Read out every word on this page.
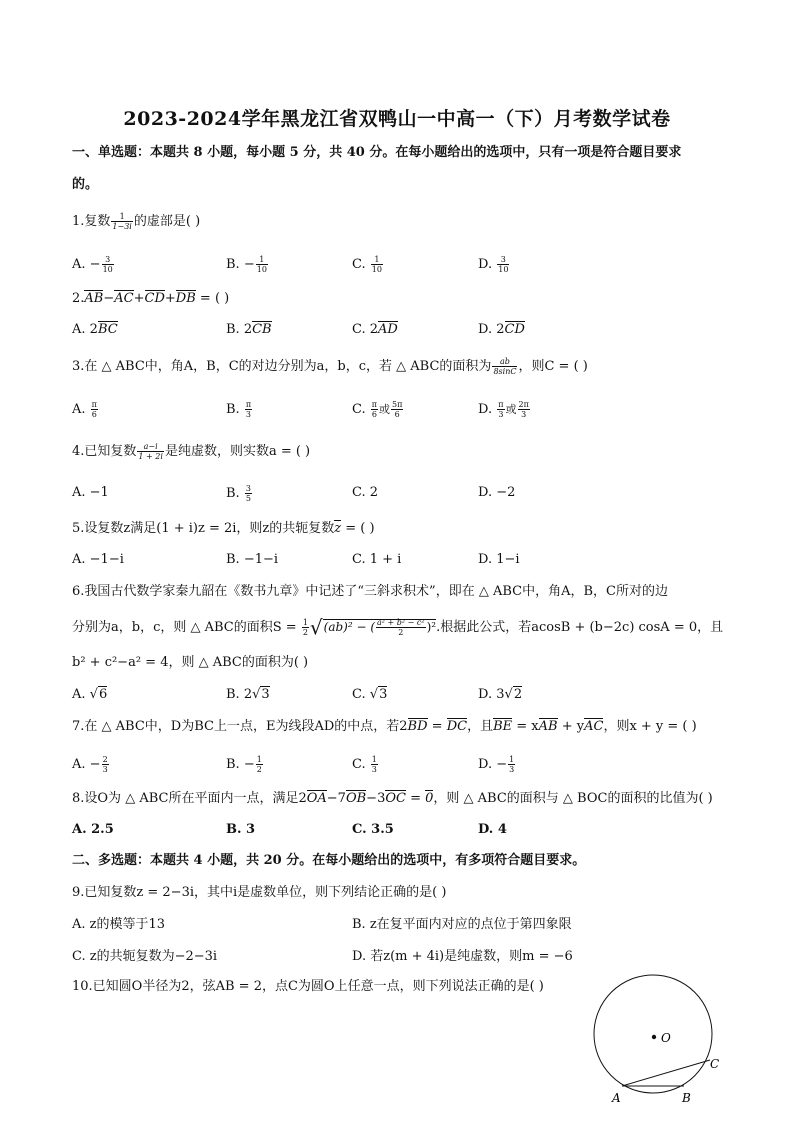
2023-2024学年黑龙江省双鸭山一中高一（下）月考数学试卷
一、单选题：本题共 8 小题，每小题 5 分，共 40 分。在每小题给出的选项中，只有一项是符合题目要求
的。
1.复数 $\frac{1}{1-3i}$ 的虚部是( )
A. − $\frac{3}{10}$	B. − $\frac{1}{10}$	C. $\frac{1}{10}$	D. $\frac{3}{10}$
2.AB−AC+CD+DB = ( )
A. 2BC	B. 2CB	C. 2AD	D. 2CD
3.在 △ ABC中，角A，B，C的对边分别为a，b，c，若 △ ABC的面积为 $\frac{ab}{8\sin C}$ ，则C = ( )
A. $\frac{\pi}{6}$	B. $\frac{\pi}{3}$	C. $\frac{\pi}{6}$ 或 $\frac{5\pi}{6}$	D. $\frac{\pi}{3}$ 或 $\frac{2\pi}{3}$
4.已知复数 $\frac{a-i}{1 + 2i}$ 是纯虚数，则实数a = ( )
A. −1	B. $\frac{3}{5}$	C. 2	D. −2
5.设复数z满足(1 + i)z = 2i，则z的共轭复数z = ( )
A. −1−i	B. −1−i	C. 1 + i	D. 1−i
6.我国古代数学家秦九韶在《数书九章》中记述了“三斜求积术”，即在 △ ABC中，角A，B，C所对的边
分别为a，b，c，则 △ ABC的面积$S = \frac{1}{2} √(ab)^2$ − ( $\frac{\text{a² + b² − c²}}{2} )^2$.根据此公式，若acosB + (b−2c) cosA = 0，且
b² + c²−a² = 4，则 △ ABC的面积为( )
A. √6	B. 2√3	C. √3	D. 3√2
7.在 △ ABC中，D为BC上一点，E为线段AD的中点，若2BD = DC，且BE = xAB + yAC，则x + y = ( )
A. − $\frac{2}{3}$	B. − $\frac{1}{2}$	C. $\frac{1}{3}$	D. − $\frac{1}{3}$
8.设O为 △ ABC所在平面内一点，满足2OA−7OB−3OC = 0，则 △ ABC的面积与 △ BOC的面积的比值为( )
A. 2.5	B. 3	C. 3.5	D. 4
二、多选题：本题共 4 小题，共 20 分。在每小题给出的选项中，有多项符合题目要求。
9.已知复数z = 2−3i，其中i是虚数单位，则下列结论正确的是( )
A. z的模等于13	B. z在复平面内对应的点位于第四象限
C. z的共轭复数为−2−3i	D. 若z(m + 4i)是纯虚数，则m = −6
10.已知圆O半径为2，弦AB = 2，点C为圆O上任意一点，则下列说法正确的是( )
O
A	B
C
